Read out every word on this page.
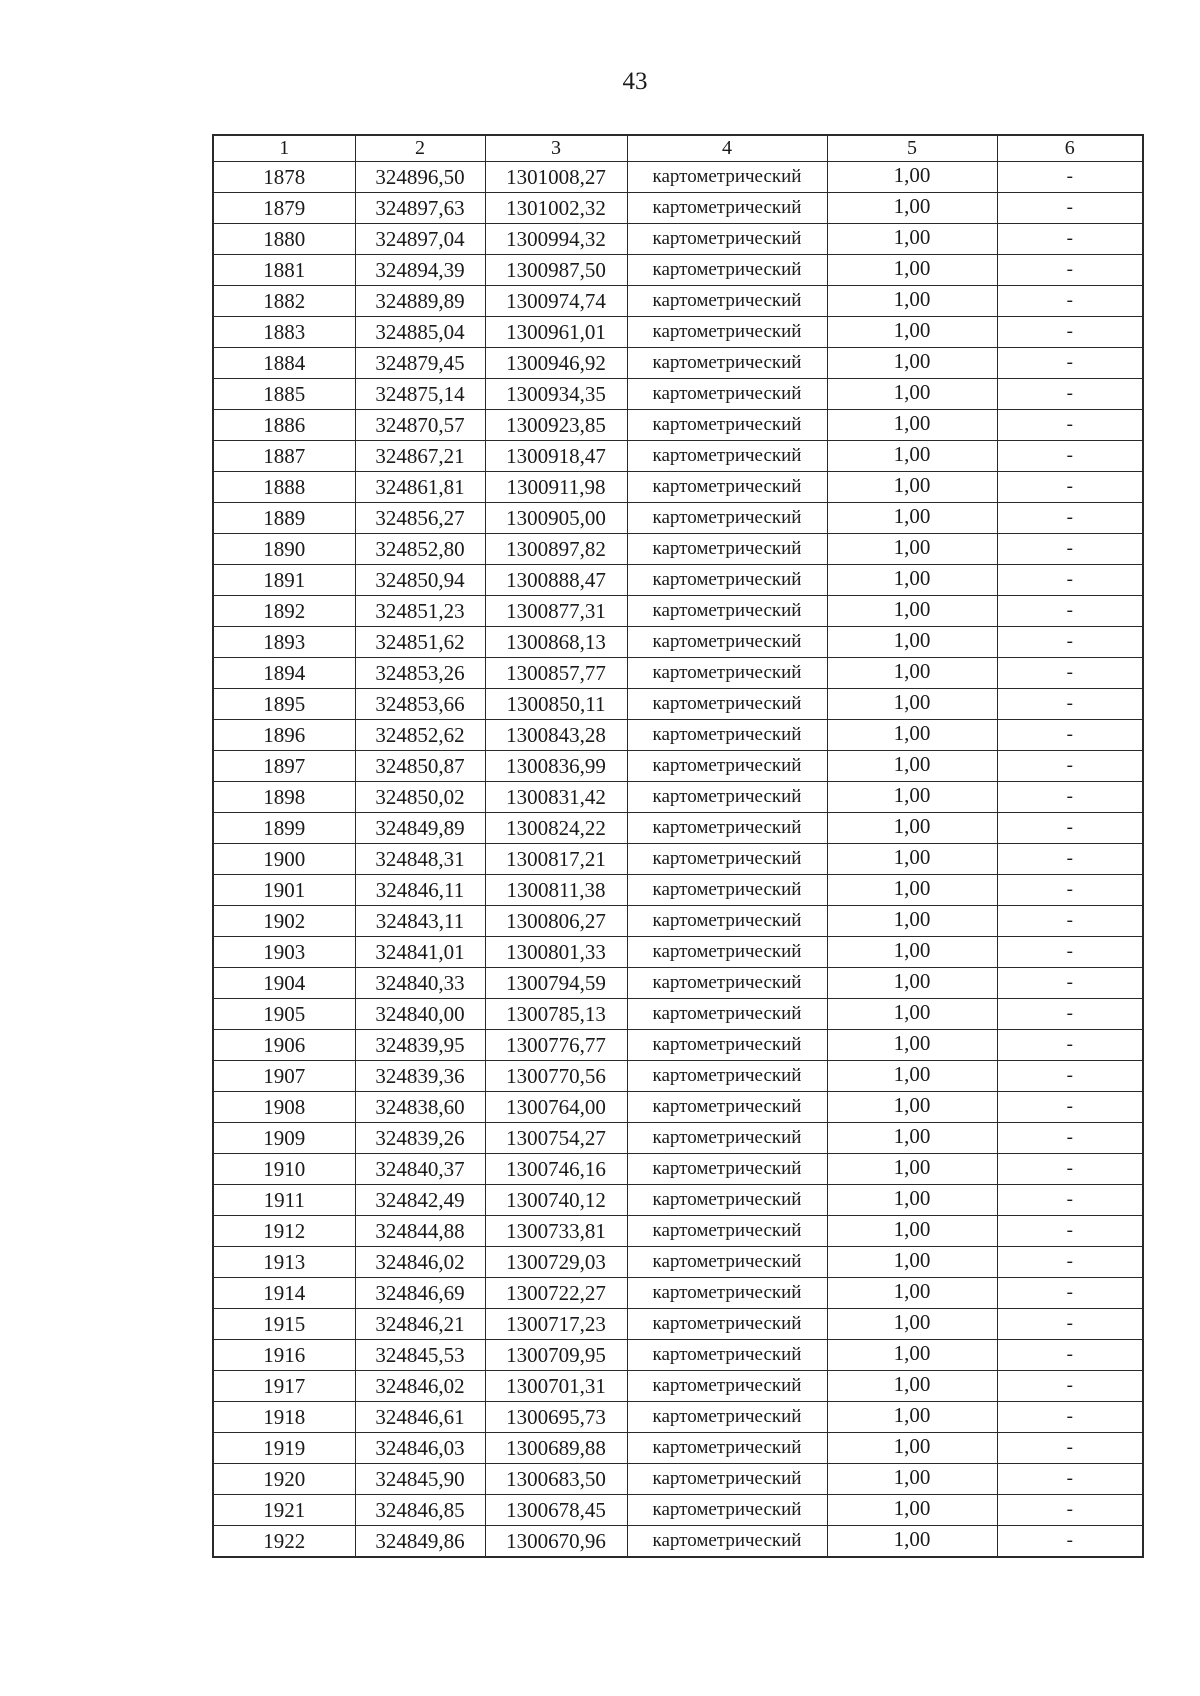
43
1	2	3	4	5	6
1878	324896,50	1301008,27	картометрический	1,00	-
1879	324897,63	1301002,32	картометрический	1,00	-
1880	324897,04	1300994,32	картометрический	1,00	-
1881	324894,39	1300987,50	картометрический	1,00	-
1882	324889,89	1300974,74	картометрический	1,00	-
1883	324885,04	1300961,01	картометрический	1,00	-
1884	324879,45	1300946,92	картометрический	1,00	-
1885	324875,14	1300934,35	картометрический	1,00	-
1886	324870,57	1300923,85	картометрический	1,00	-
1887	324867,21	1300918,47	картометрический	1,00	-
1888	324861,81	1300911,98	картометрический	1,00	-
1889	324856,27	1300905,00	картометрический	1,00	-
1890	324852,80	1300897,82	картометрический	1,00	-
1891	324850,94	1300888,47	картометрический	1,00	-
1892	324851,23	1300877,31	картометрический	1,00	-
1893	324851,62	1300868,13	картометрический	1,00	-
1894	324853,26	1300857,77	картометрический	1,00	-
1895	324853,66	1300850,11	картометрический	1,00	-
1896	324852,62	1300843,28	картометрический	1,00	-
1897	324850,87	1300836,99	картометрический	1,00	-
1898	324850,02	1300831,42	картометрический	1,00	-
1899	324849,89	1300824,22	картометрический	1,00	-
1900	324848,31	1300817,21	картометрический	1,00	-
1901	324846,11	1300811,38	картометрический	1,00	-
1902	324843,11	1300806,27	картометрический	1,00	-
1903	324841,01	1300801,33	картометрический	1,00	-
1904	324840,33	1300794,59	картометрический	1,00	-
1905	324840,00	1300785,13	картометрический	1,00	-
1906	324839,95	1300776,77	картометрический	1,00	-
1907	324839,36	1300770,56	картометрический	1,00	-
1908	324838,60	1300764,00	картометрический	1,00	-
1909	324839,26	1300754,27	картометрический	1,00	-
1910	324840,37	1300746,16	картометрический	1,00	-
1911	324842,49	1300740,12	картометрический	1,00	-
1912	324844,88	1300733,81	картометрический	1,00	-
1913	324846,02	1300729,03	картометрический	1,00	-
1914	324846,69	1300722,27	картометрический	1,00	-
1915	324846,21	1300717,23	картометрический	1,00	-
1916	324845,53	1300709,95	картометрический	1,00	-
1917	324846,02	1300701,31	картометрический	1,00	-
1918	324846,61	1300695,73	картометрический	1,00	-
1919	324846,03	1300689,88	картометрический	1,00	-
1920	324845,90	1300683,50	картометрический	1,00	-
1921	324846,85	1300678,45	картометрический	1,00	-
1922	324849,86	1300670,96	картометрический	1,00	-
